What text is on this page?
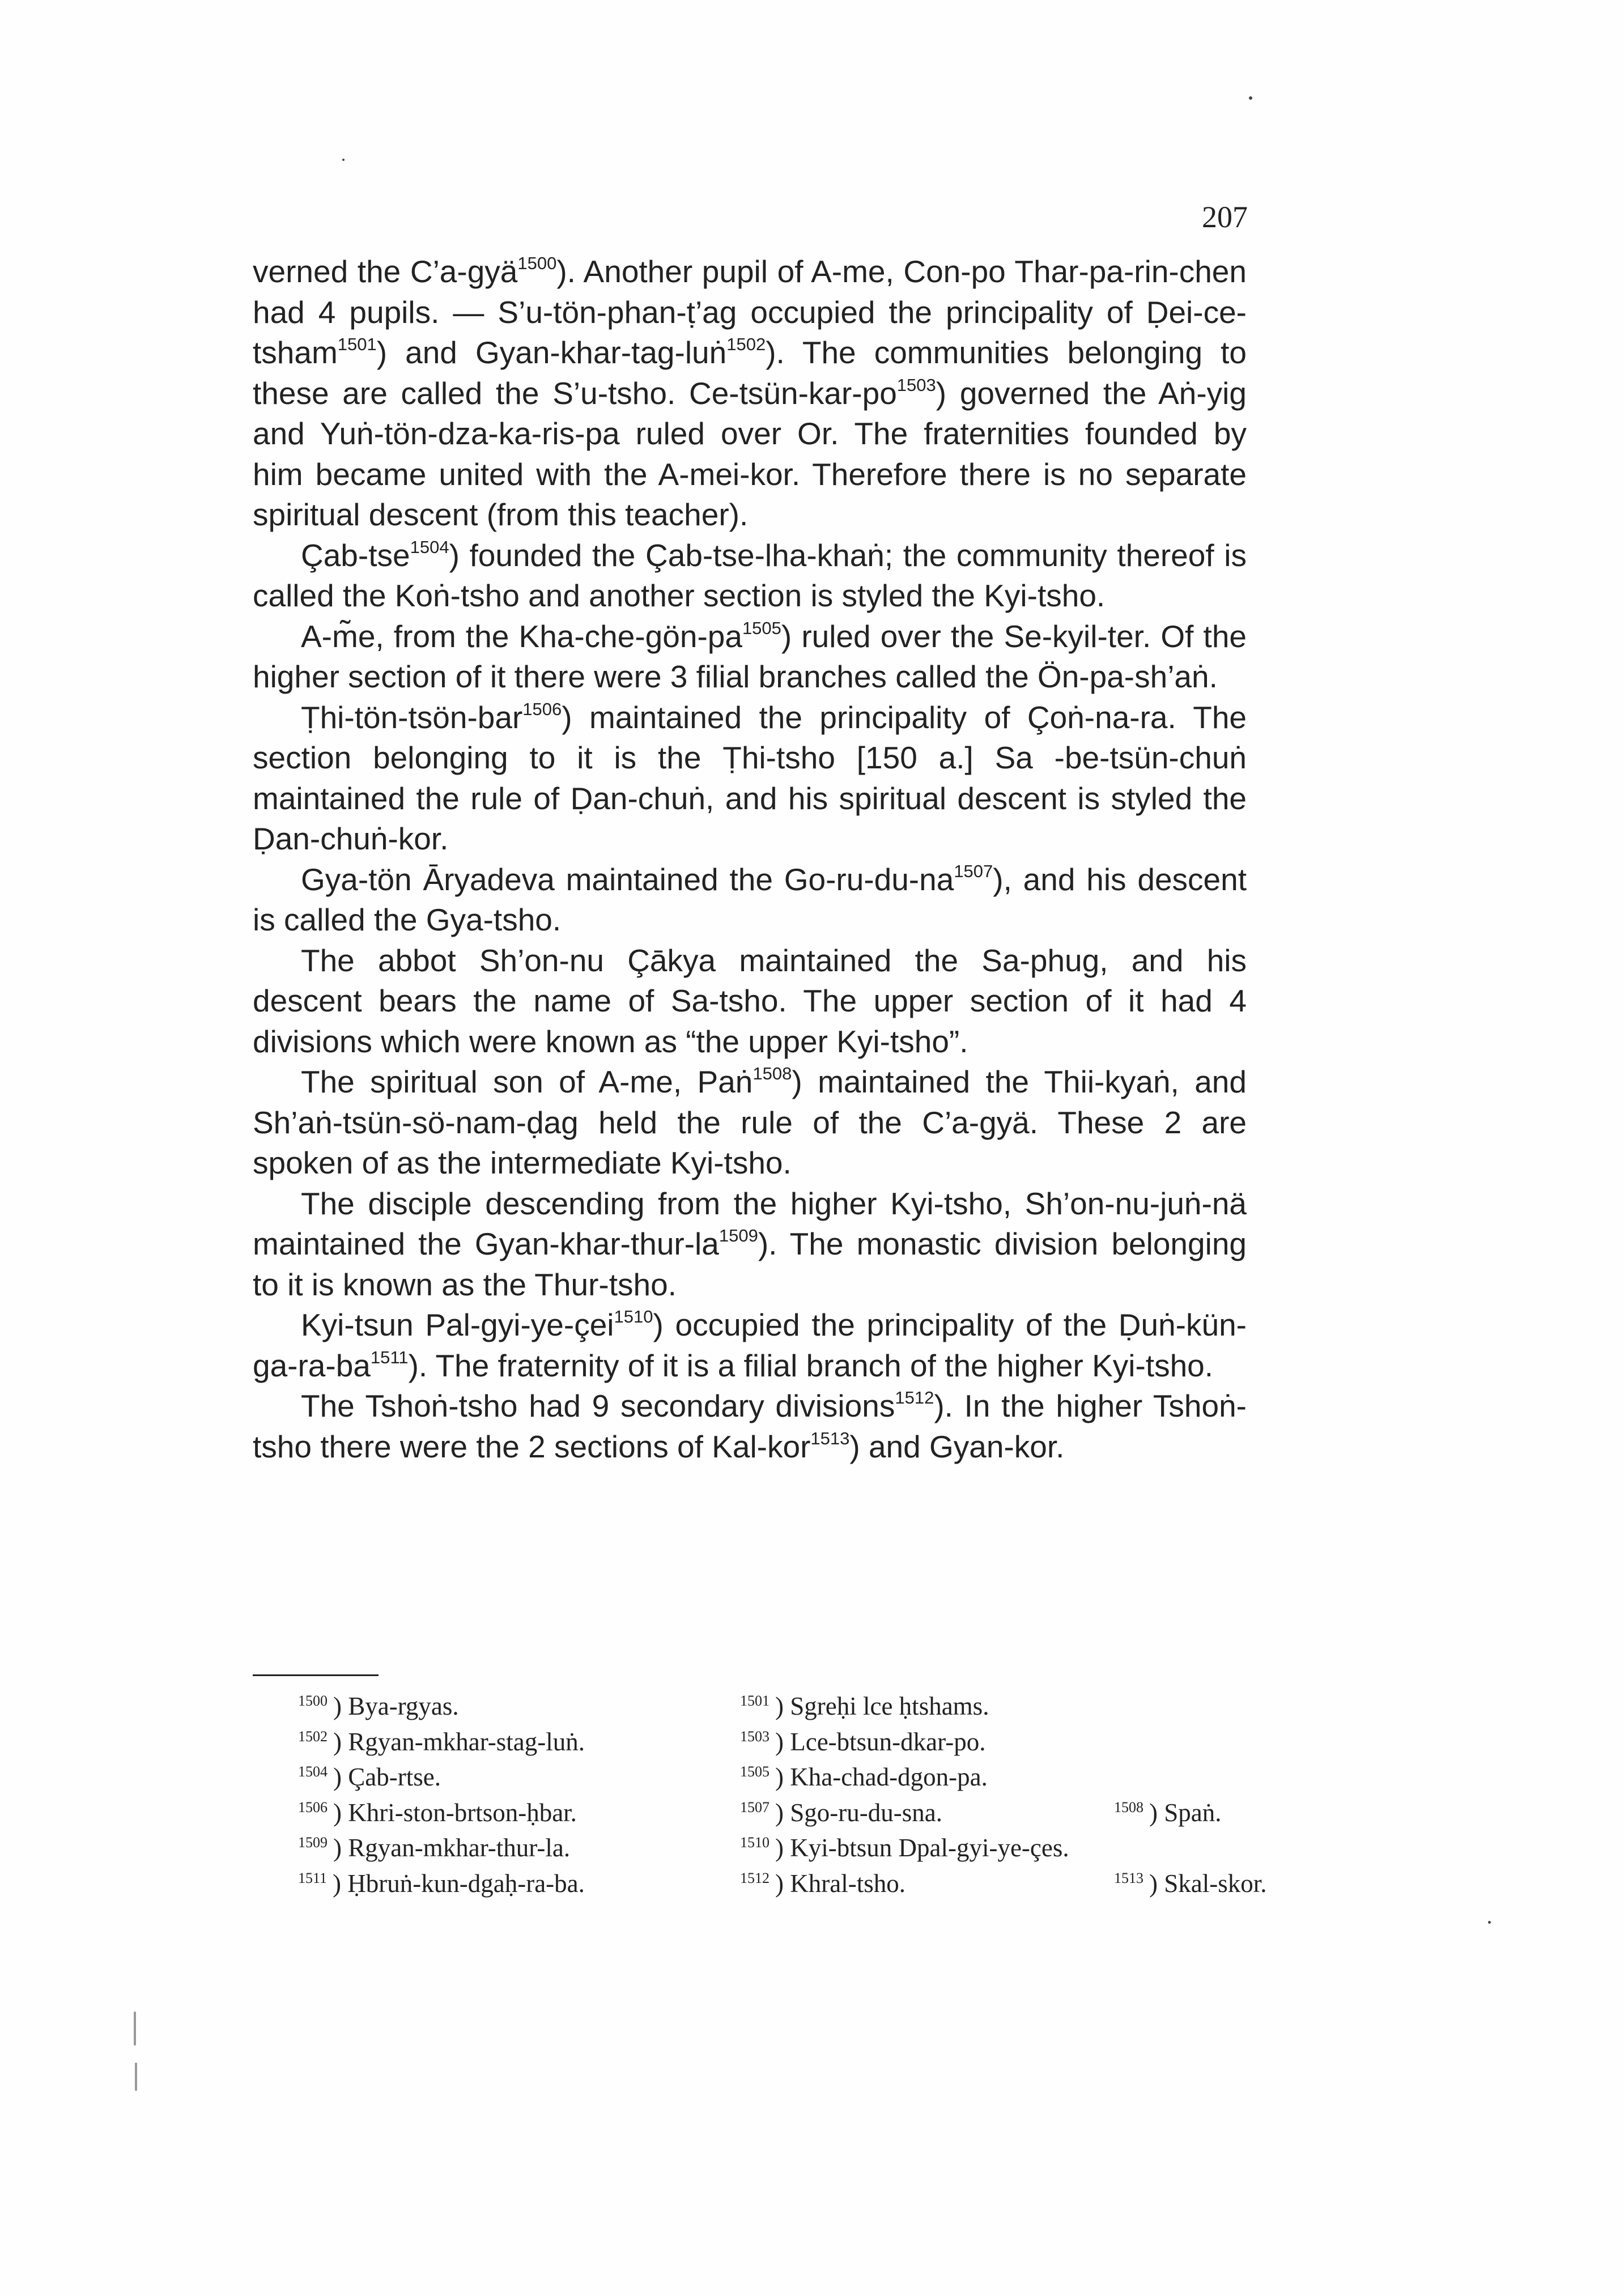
207

verned the C’a-gyä$^{1500}$). Another pupil of A-me, Con-po Thar-pa-rin-chen had 4 pupils. — S’u-tön-phan-ṭ’ag occupied the principality of Ḍei-ce-tsham$^{1501}$) and Gyan-khar-tag-luṅ$^{1502}$). The communities belonging to these are called the S’u-tsho. $Ce-tsün-kar-po^{1503}$) governed the Aṅ-yig and Yuṅ-tön-dza-ka-ris-pa ruled over Or. The fraternities founded by him became united with the A-mei-kor. Therefore there is no separate spiritual descent (from this teacher).

Çab-tse$^{1504}$) founded the Çab-tse-lha-khaṅ; the community thereof is called the Koṅ-tsho and another section is styled the Kyi-tsho.

A-m̃e, from the Kha-$che-gön-pa^{1505}$) ruled over the Se-kyil-ter. Of the higher section of it there were 3 filial branches called the Ön-pa-sh’aṅ.

Ṭhi-tön-tsön-bar$^{1506}$) maintained the principality of Çoṅ-na-ra. The section belonging to it is the Ṭhi-tsho [150 a.] Sa -be-tsün-chuṅ maintained the rule of Ḍan-chuṅ, and his spiritual descent is styled the Ḍan-chuṅ-kor.

Gya-tön Āryadeva maintained the $Go-ru-du-na^{1507}$), and his descent is called the Gya-tsho.

The abbot Sh’on-nu Çākya maintained the Sa-phug, and his descent bears the name of Sa-tsho. The upper section of it had 4 divisions which were known as “the upper Kyi-tsho”.

The spiritual son of A-me, Paṅ$^{1508}$) maintained the Thii-kyaṅ, and Sh’aṅ-tsün-sö-nam-ḍag held the rule of the C’a-gyä. These 2 are spoken of as the intermediate Kyi-tsho.

The disciple descending from the higher Kyi-tsho, Sh’on-nu-juṅ-nä maintained the Gyan-$khar-thur-la^{1509}$). The monastic division belonging to it is known as the Thur-tsho.

Kyi-tsun Pal-gyi-ye-çei$^{1510}$) occupied the principality of the Ḍuṅ-$kün-ga-ra-ba^{1511}$). The fraternity of it is a filial branch of the higher Kyi-tsho.

The Tshoṅ-tsho had 9 secondary divisions$^{1512}$). In the higher Tshoṅ-tsho there were the 2 sections of Kal-kor$^{1513}$) and Gyan-kor.

$^{1500}$ ) Bya-rgyas.	$^{1501}$ ) Sgreḥi lce ḥtshams.
$^{1502}$ ) Rgyan-mkhar-stag-luṅ.	$^{1503}$ ) Lce-btsun-dkar-po.
$^{1504}$ ) Çab-rtse.	$^{1505}$ ) Kha-chad-dgon-pa.
$^{1506}$ ) Khri-ston-brtson-ḥbar.	$^{1507}$ ) Sgo-ru-du-sna.	$^{1508}$ ) Spaṅ.
$^{1509}$ ) Rgyan-mkhar-thur-la.	$^{1510}$ ) Kyi-btsun Dpal-gyi-ye-çes.
$^{1511}$ ) Ḥbruṅ-kun-dgaḥ-ra-ba.	$^{1512}$ ) Khral-tsho.	$^{1513}$ ) Skal-skor.
